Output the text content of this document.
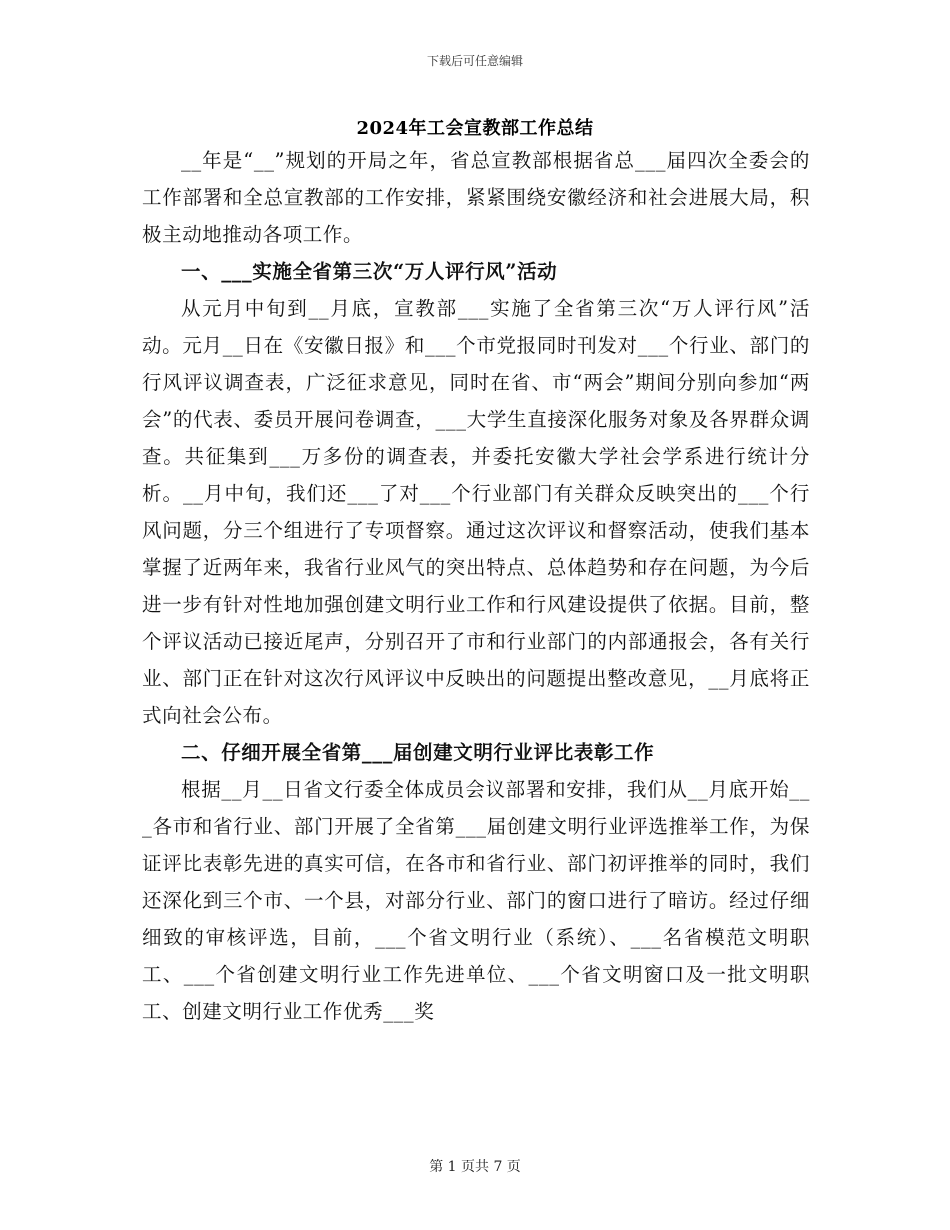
下载后可任意编辑
2024年工会宣教部工作总结

__年是“__”规划的开局之年，省总宣教部根据省总___届四次全委会的工作部署和全总宣教部的工作安排，紧紧围绕安徽经济和社会进展大局，积极主动地推动各项工作。

一、___实施全省第三次“万人评行风”活动

从元月中旬到__月底，宣教部___实施了全省第三次“万人评行风”活动。元月__日在《安徽日报》和___个市党报同时刊发对___个行业、部门的行风评议调查表，广泛征求意见，同时在省、市“两会”期间分别向参加“两会”的代表、委员开展问卷调查，___大学生直接深化服务对象及各界群众调查。共征集到___万多份的调查表，并委托安徽大学社会学系进行统计分析。__月中旬，我们还___了对___个行业部门有关群众反映突出的___个行风问题，分三个组进行了专项督察。通过这次评议和督察活动，使我们基本掌握了近两年来，我省行业风气的突出特点、总体趋势和存在问题，为今后进一步有针对性地加强创建文明行业工作和行风建设提供了依据。目前，整个评议活动已接近尾声，分别召开了市和行业部门的内部通报会，各有关行业、部门正在针对这次行风评议中反映出的问题提出整改意见，__月底将正式向社会公布。

二、仔细开展全省第___届创建文明行业评比表彰工作

根据__月__日省文行委全体成员会议部署和安排，我们从__月底开始___各市和省行业、部门开展了全省第___届创建文明行业评选推举工作，为保证评比表彰先进的真实可信，在各市和省行业、部门初评推举的同时，我们还深化到三个市、一个县，对部分行业、部门的窗口进行了暗访。经过仔细细致的审核评选，目前，___个省文明行业（系统）、___名省模范文明职工、___个省创建文明行业工作先进单位、___个省文明窗口及一批文明职工、创建文明行业工作优秀___奖

第 1 页共 7 页
